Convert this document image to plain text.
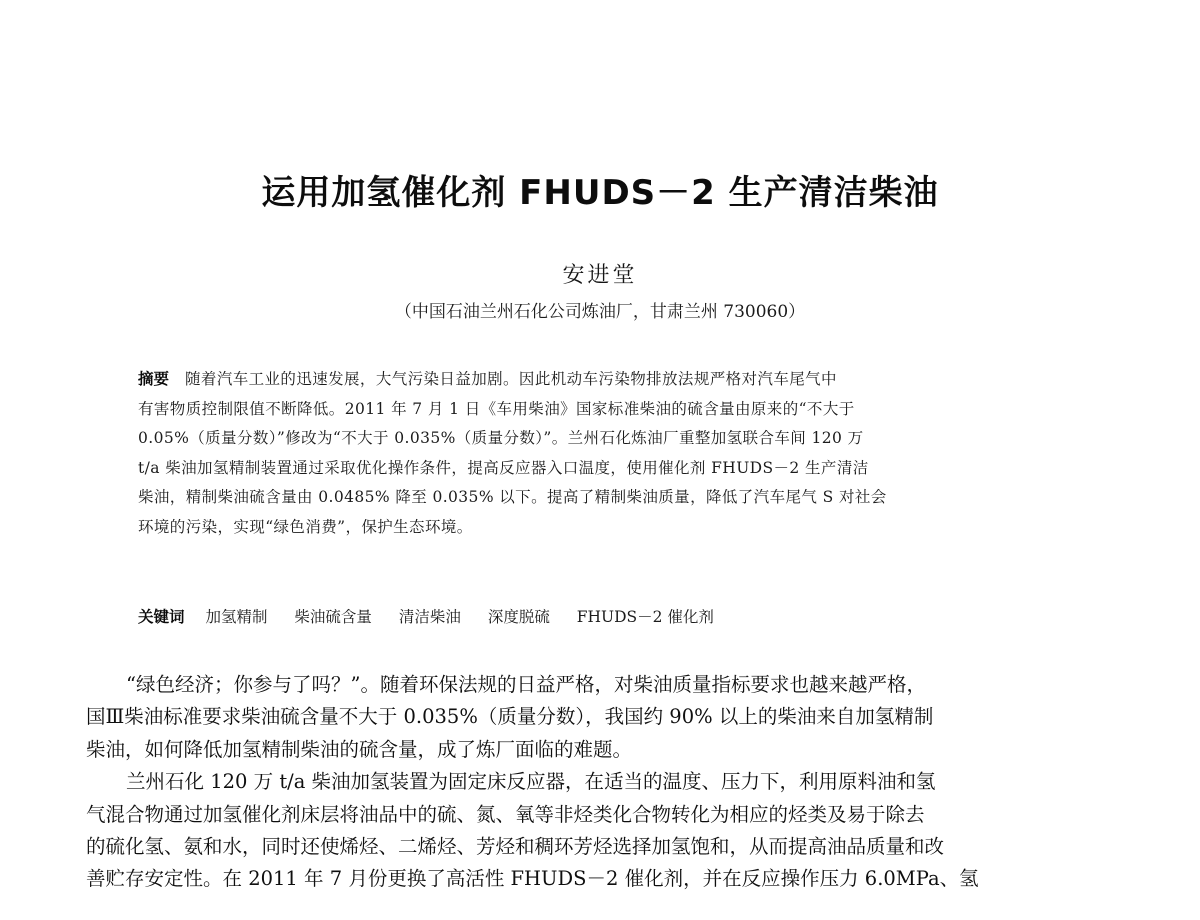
运用加氢催化剂 FHUDS－2 生产清洁柴油
安进堂
（中国石油兰州石化公司炼油厂，甘肃兰州 730060）
摘要 随着汽车工业的迅速发展，大气污染日益加剧。因此机动车污染物排放法规严格对汽车尾气中
有害物质控制限值不断降低。2011 年 7 月 1 日《车用柴油》国家标准柴油的硫含量由原来的“不大于
0.05%（质量分数）”修改为“不大于 0.035%（质量分数）”。兰州石化炼油厂重整加氢联合车间 120 万
t/a 柴油加氢精制装置通过采取优化操作条件，提高反应器入口温度，使用催化剂 FHUDS－2 生产清洁
柴油，精制柴油硫含量由 0.0485% 降至 0.035% 以下。提高了精制柴油质量，降低了汽车尾气 S 对社会
环境的污染，实现“绿色消费”，保护生态环境。
关键词 加氢精制 柴油硫含量 清洁柴油 深度脱硫 FHUDS－2 催化剂
“绿色经济；你参与了吗？”。随着环保法规的日益严格，对柴油质量指标要求也越来越严格，
国Ⅲ柴油标准要求柴油硫含量不大于 0.035%（质量分数），我国约 90% 以上的柴油来自加氢精制
柴油，如何降低加氢精制柴油的硫含量，成了炼厂面临的难题。
兰州石化 120 万 t/a 柴油加氢装置为固定床反应器，在适当的温度、压力下，利用原料油和氢
气混合物通过加氢催化剂床层将油品中的硫、氮、氧等非烃类化合物转化为相应的烃类及易于除去
的硫化氢、氨和水，同时还使烯烃、二烯烃、芳烃和稠环芳烃选择加氢饱和，从而提高油品质量和改
善贮存安定性。在 2011 年 7 月份更换了高活性 FHUDS－2 催化剂，并在反应操作压力 6.0MPa、氢
